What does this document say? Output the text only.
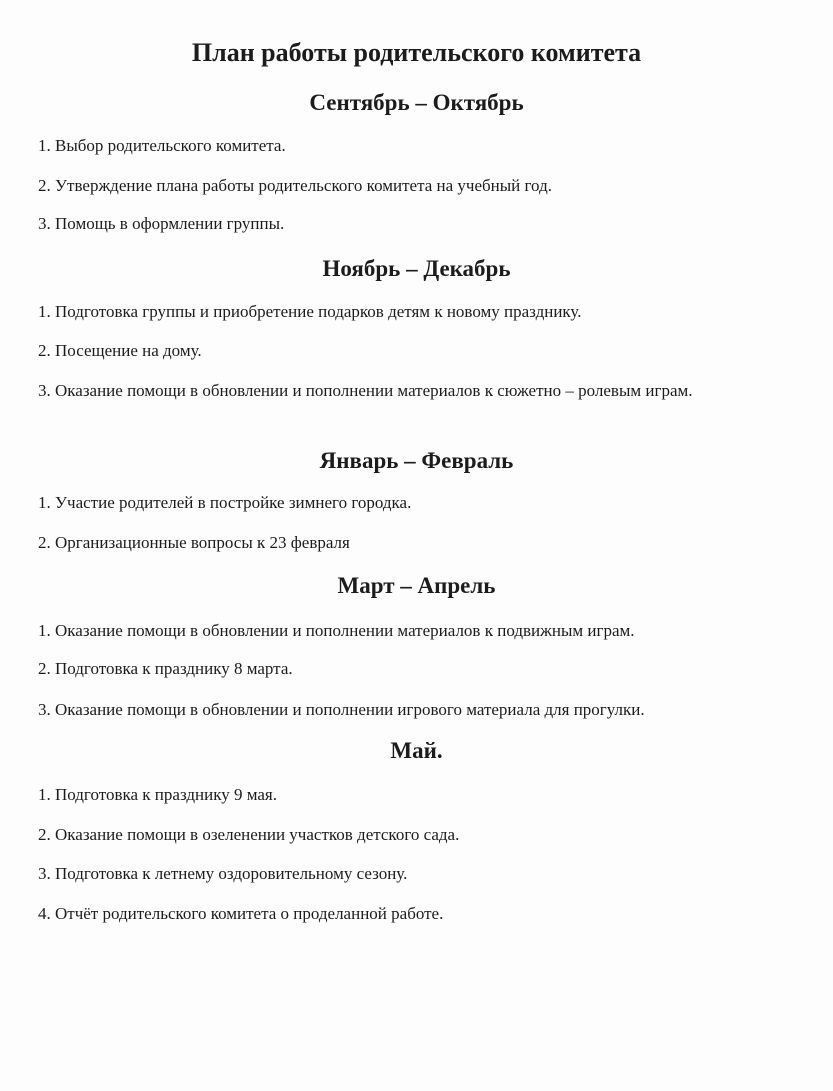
План работы родительского комитета
Сентябрь – Октябрь

1. Выбор родительского комитета.

2. Утверждение плана работы родительского комитета на учебный год.

3. Помощь в оформлении группы.

Ноябрь – Декабрь

1. Подготовка группы и приобретение подарков детям к новому празднику.

2. Посещение на дому.

3. Оказание помощи в обновлении и пополнении материалов к сюжетно – ролевым играм.

Январь – Февраль

1. Участие родителей в постройке зимнего городка.

2. Организационные вопросы к 23 февраля

Март – Апрель

1. Оказание помощи в обновлении и пополнении материалов к подвижным играм.

2. Подготовка к празднику 8 марта.

3. Оказание помощи в обновлении и пополнении игрового материала для прогулки.

Май.

1. Подготовка к празднику 9 мая.

2. Оказание помощи в озеленении участков детского сада.

3. Подготовка к летнему оздоровительному сезону.

4. Отчёт родительского комитета о проделанной работе.
